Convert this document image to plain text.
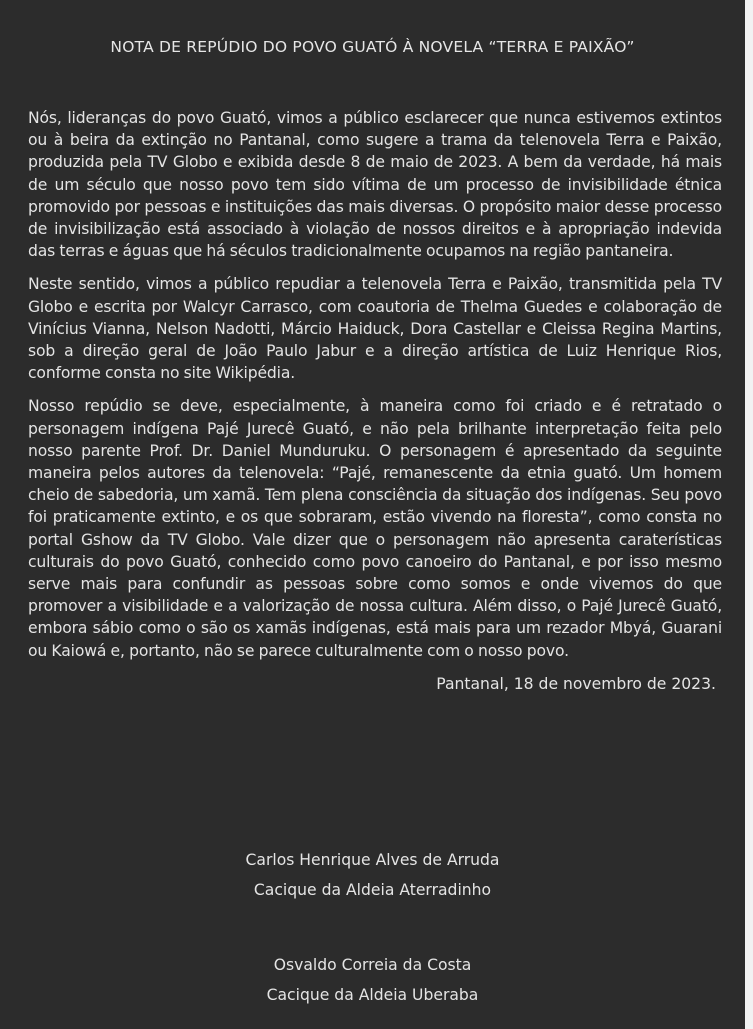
NOTA DE REPÚDIO DO POVO GUATÓ À NOVELA “TERRA E PAIXÃO”

Nós, lideranças do povo Guató, vimos a público esclarecer que nunca estivemos extintos ou à beira da extinção no Pantanal, como sugere a trama da telenovela Terra e Paixão, produzida pela TV Globo e exibida desde 8 de maio de 2023. A bem da verdade, há mais de um século que nosso povo tem sido vítima de um processo de invisibilidade étnica promovido por pessoas e instituições das mais diversas. O propósito maior desse processo de invisibilização está associado à violação de nossos direitos e à apropriação indevida das terras e águas que há séculos tradicionalmente ocupamos na região pantaneira.

Neste sentido, vimos a público repudiar a telenovela Terra e Paixão, transmitida pela TV Globo e escrita por Walcyr Carrasco, com coautoria de Thelma Guedes e colaboração de Vinícius Vianna, Nelson Nadotti, Márcio Haiduck, Dora Castellar e Cleissa Regina Martins, sob a direção geral de João Paulo Jabur e a direção artística de Luiz Henrique Rios, conforme consta no site Wikipédia.

Nosso repúdio se deve, especialmente, à maneira como foi criado e é retratado o personagem indígena Pajé Jurecê Guató, e não pela brilhante interpretação feita pelo nosso parente Prof. Dr. Daniel Munduruku. O personagem é apresentado da seguinte maneira pelos autores da telenovela: “Pajé, remanescente da etnia guató. Um homem cheio de sabedoria, um xamã. Tem plena consciência da situação dos indígenas. Seu povo foi praticamente extinto, e os que sobraram, estão vivendo na floresta”, como consta no portal Gshow da TV Globo. Vale dizer que o personagem não apresenta caraterísticas culturais do povo Guató, conhecido como povo canoeiro do Pantanal, e por isso mesmo serve mais para confundir as pessoas sobre como somos e onde vivemos do que promover a visibilidade e a valorização de nossa cultura. Além disso, o Pajé Jurecê Guató, embora sábio como o são os xamãs indígenas, está mais para um rezador Mbyá, Guarani ou Kaiowá e, portanto, não se parece culturalmente com o nosso povo.

Pantanal, 18 de novembro de 2023.
Carlos Henrique Alves de Arruda
Cacique da Aldeia Aterradinho
Osvaldo Correia da Costa
Cacique da Aldeia Uberaba
